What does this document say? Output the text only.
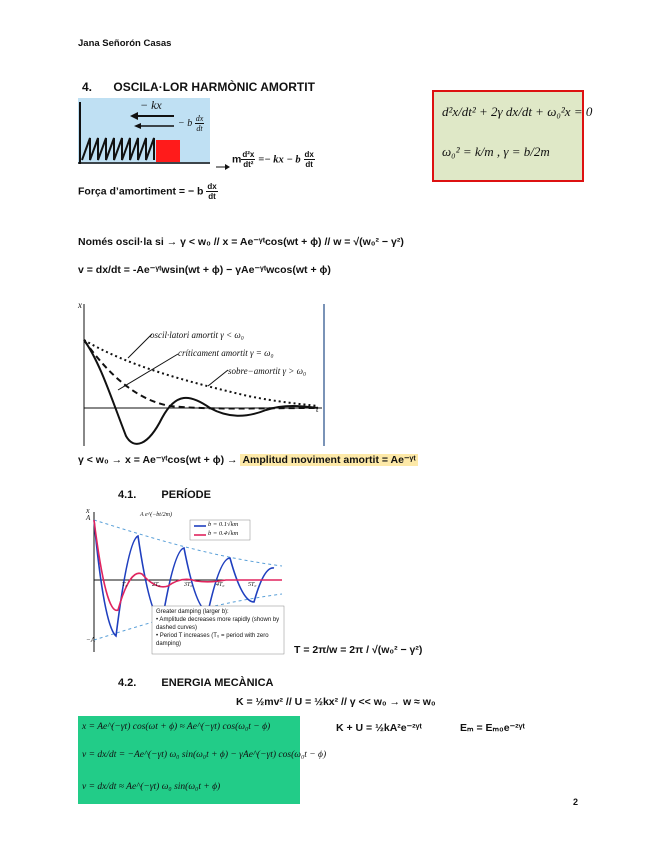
Jana Señorón Casas
4. OSCILA·LOR HARMÒNIC AMORTIT
− kx
− b $\frac{dx}{dt}$
m $\frac{\text{d²x}}{\text{dt²}}$ =− kx − b $\frac{dx}{dt}$
Força d’amortiment = − b $\frac{dx}{dt}$
d²x/dt² + 2γ dx/dt + ω₀²x = 0
ω₀² = k/m , γ = b/2m
Només oscil·la si → γ < w₀ // x = Ae⁻ᵞᵗcos(wt + ϕ) // w = √(w₀² − γ²)
v = dx/dt = -Ae⁻ᵞᵗwsin(wt + ϕ) − γAe⁻ᵞᵗwcos(wt + ϕ)
x
t
oscil·latori amortit γ < ω₀
críticament amortit γ = ω₀
sobre−amortit γ > ω₀
γ < w₀ → x = Ae⁻ᵞᵗcos(wt + ϕ) → Amplitud moviment amortit = Ae⁻ᵞᵗ
4.1. PERÍODE
x
A
−A
A e^(−bt/2m)
b = 0.1√km
b = 0.4√km
T₀	2T₀	3T₀	4T₀	5T₀
Greater damping (larger b):
• Amplitude decreases more rapidly (shown by dashed curves)
• Period T increases (T₀ = period with zero damping)	T = 2π/w = 2π / √(w₀² − γ²)
4.2. ENERGIA MECÀNICA
K = ½mv² // U = ½kx² // γ << w₀ → w ≈ w₀
x = Ae^(−γt) cos(ωt + ϕ) ≈ Ae^(−γt) cos(ω₀t − ϕ)
v = dx/dt = −Ae^(−γt) ω₀ sin(ω₀t + ϕ) − γAe^(−γt) cos(ω₀t − ϕ)
v = dx/dt ≈ Ae^(−γt) ω₀ sin(ω₀t + ϕ)
K + U = ½kA²e⁻²ᵞᵗ	Eₘ = Eₘ₀e⁻²ᵞᵗ
2
